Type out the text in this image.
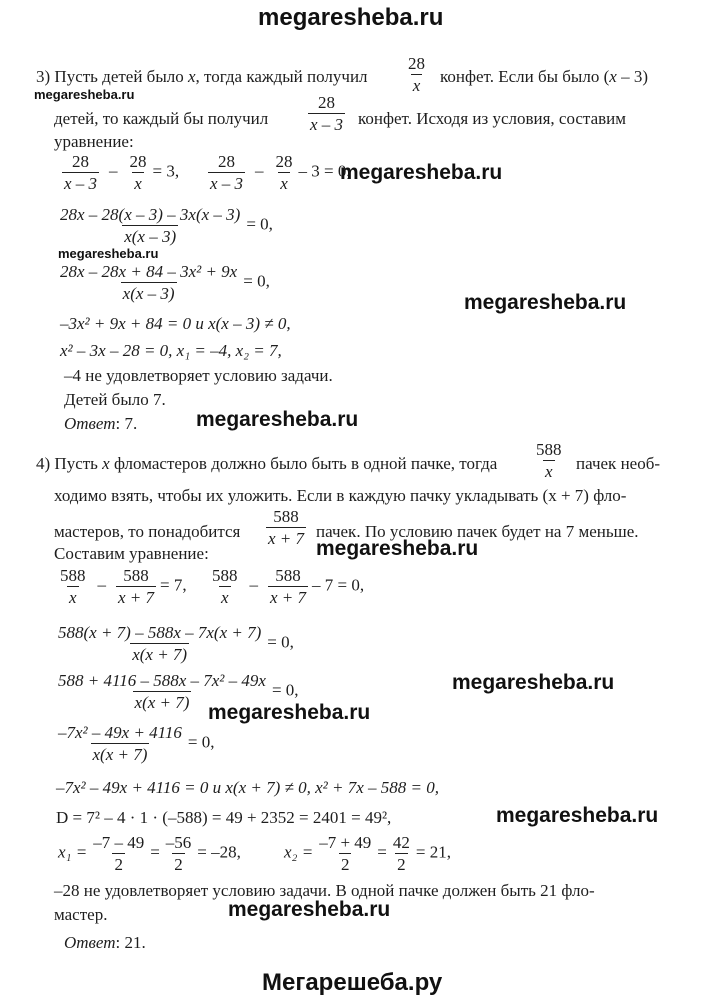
megaresheba.ru
3) Пусть детей было x, тогда каждый получил $\frac{28}{x}$ конфет. Если бы было (x – 3)
megaresheba.ru
детей, то каждый бы получил $\frac{28}{x - 3}$ конфет. Исходя из условия, составим
уравнение:
$\frac{28}{x - 3} - \frac{28}{x} = 3$, $\frac{28}{x - 3} - \frac{28}{x} - 3 = 0$,
megaresheba.ru
$\frac{28x - 28(x - 3) - 3x(x - 3)}{x(x - 3)} = 0$,
megaresheba.ru
$\frac{\text{28x – 28x + 84 – 3x² + 9x}}{x(x - 3)} = 0$,
megaresheba.ru
–3x² + 9x + 84 = 0 и x(x – 3) ≠ 0,
x² – 3x – 28 = 0, x₁ = –4, x₂ = 7,
–4 не удовлетворяет условию задачи.
Детей было 7.
Ответ: 7.	megaresheba.ru
4) Пусть x фломастеров должно было быть в одной пачке, тогда $\frac{588}{x}$ пачек необ-
ходимо взять, чтобы их уложить. Если в каждую пачку укладывать (x + 7) фло-
мастеров, то понадобится $\frac{588}{x + 7}$ пачек. По условию пачек будет на 7 меньше.
Составим уравнение:	megaresheba.ru
$\frac{588}{x} - \frac{588}{x + 7} = 7$, $\frac{588}{x} - \frac{588}{x + 7} - 7 = 0$,
$\frac{588(x + 7) - 588x - 7x(x + 7)}{x(x + 7)} = 0$,
$\frac{\text{588 + 4116 – 588x – 7x² – 49x}}{x(x + 7)} = 0$,	megaresheba.ru
megaresheba.ru
$\frac{\text{–7x² – 49x + 4116}}{x(x + 7)} = 0$,
–7x² – 49x + 4116 = 0 и x(x + 7) ≠ 0, x² + 7x – 588 = 0,
D = 7² – 4 · 1 · (–588) = 49 + 2352 = 2401 = 49²,	megaresheba.ru
$x_1 = \frac{-7 - 49}{2} = \frac{-56}{2} = -28$,	$x_2 = \frac{-7 + 49}{2} = \frac{42}{2} = 21$,
–28 не удовлетворяет условию задачи. В одной пачке должен быть 21 фло-
мастер.	megaresheba.ru
Ответ: 21.
Мегарешеба.ру
